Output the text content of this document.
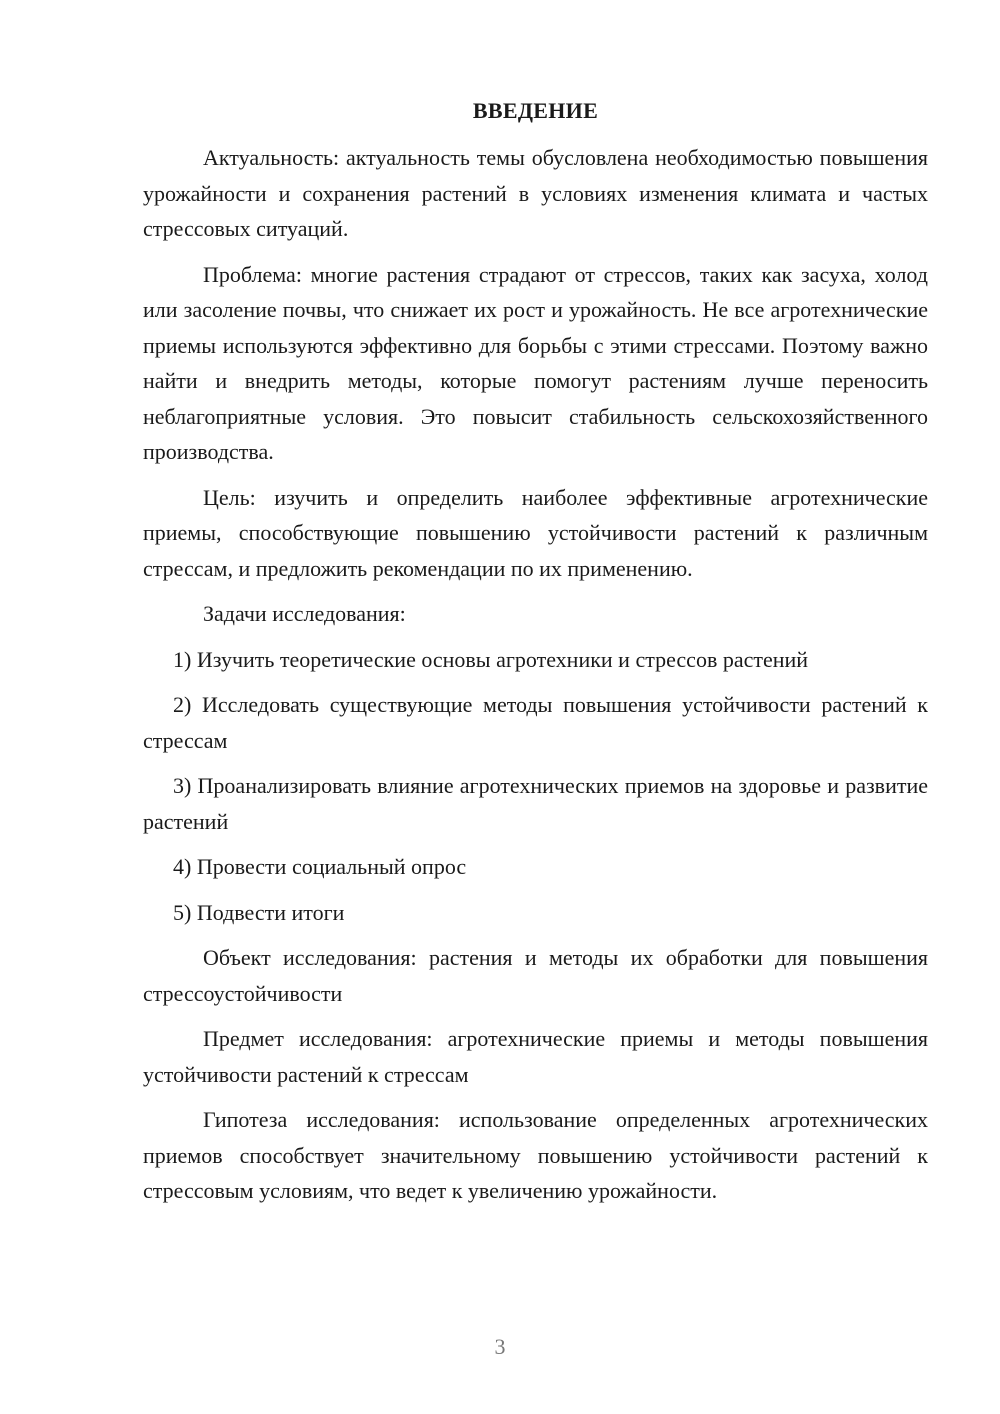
ВВЕДЕНИЕ

Актуальность: актуальность темы обусловлена необходимостью повышения урожайности и сохранения растений в условиях изменения климата и частых стрессовых ситуаций.

Проблема: многие растения страдают от стрессов, таких как засуха, холод или засоление почвы, что снижает их рост и урожайность. Не все агротехнические приемы используются эффективно для борьбы с этими стрессами. Поэтому важно найти и внедрить методы, которые помогут растениям лучше переносить неблагоприятные условия. Это повысит стабильность сельскохозяйственного производства.

Цель: изучить и определить наиболее эффективные агротехнические приемы, способствующие повышению устойчивости растений к различным стрессам, и предложить рекомендации по их применению.

Задачи исследования:

1) Изучить теоретические основы агротехники и стрессов растений

2) Исследовать существующие методы повышения устойчивости растений к стрессам

3) Проанализировать влияние агротехнических приемов на здоровье и развитие растений

4) Провести социальный опрос

5) Подвести итоги

Объект исследования: растения и методы их обработки для повышения стрессоустойчивости

Предмет исследования: агротехнические приемы и методы повышения устойчивости растений к стрессам

Гипотеза исследования: использование определенных агротехнических приемов способствует значительному повышению устойчивости растений к стрессовым условиям, что ведет к увеличению урожайности.

3
